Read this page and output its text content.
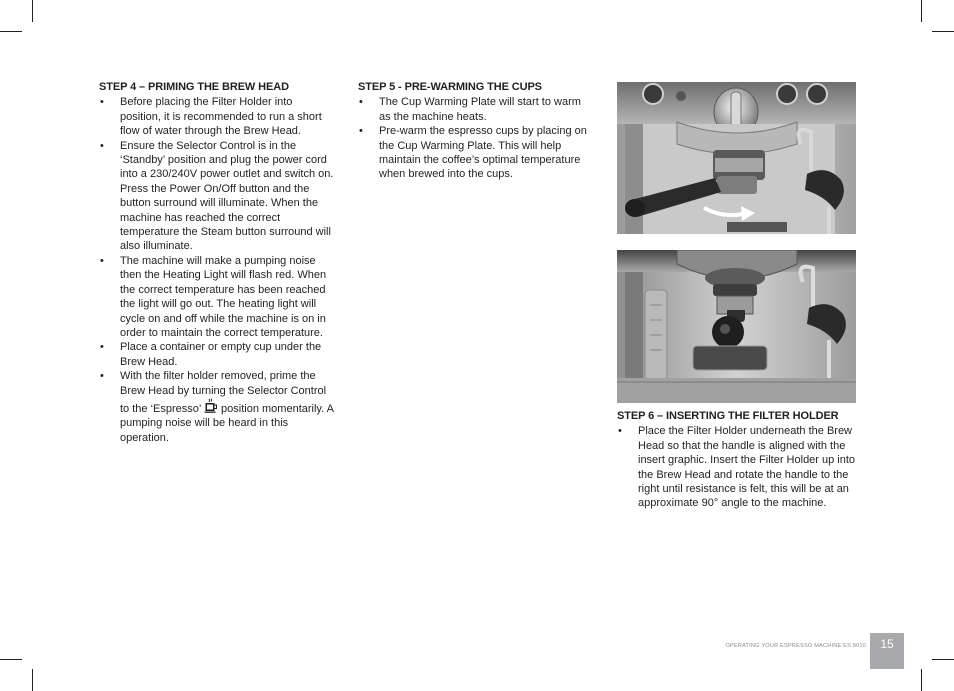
STEP 4 – PRIMING THE BREW HEAD
• Before placing the Filter Holder into position, it is recommended to run a short flow of water through the Brew Head.
• Ensure the Selector Control is in the ‘Standby’ position and plug the power cord into a 230/240V power outlet and switch on. Press the Power On/Off button and the button surround will illuminate. When the machine has reached the correct temperature the Steam button surround will also illuminate.
• The machine will make a pumping noise then the Heating Light will flash red. When the correct temperature has been reached the light will go out. The heating light will cycle on and off while the machine is on in order to maintain the correct temperature.
• Place a container or empty cup under the Brew Head.
• With the filter holder removed, prime the Brew Head by turning the Selector Control to the ‘Espresso’ position momentarily. A pumping noise will be heard in this operation.
STEP 5 - PRE-WARMING THE CUPS
• The Cup Warming Plate will start to warm as the machine heats.
• Pre-warm the espresso cups by placing on the Cup Warming Plate. This will help maintain the coffee’s optimal temperature when brewed into the cups.
STEP 6 – INSERTING THE FILTER HOLDER
• Place the Filter Holder underneath the Brew Head so that the handle is aligned with the insert graphic. Insert the Filter Holder up into the Brew Head and rotate the handle to the right until resistance is felt, this will be at an approximate 90° angle to the machine.
OPERATING YOUR ESPRESSO MACHINE ES 8010	15
